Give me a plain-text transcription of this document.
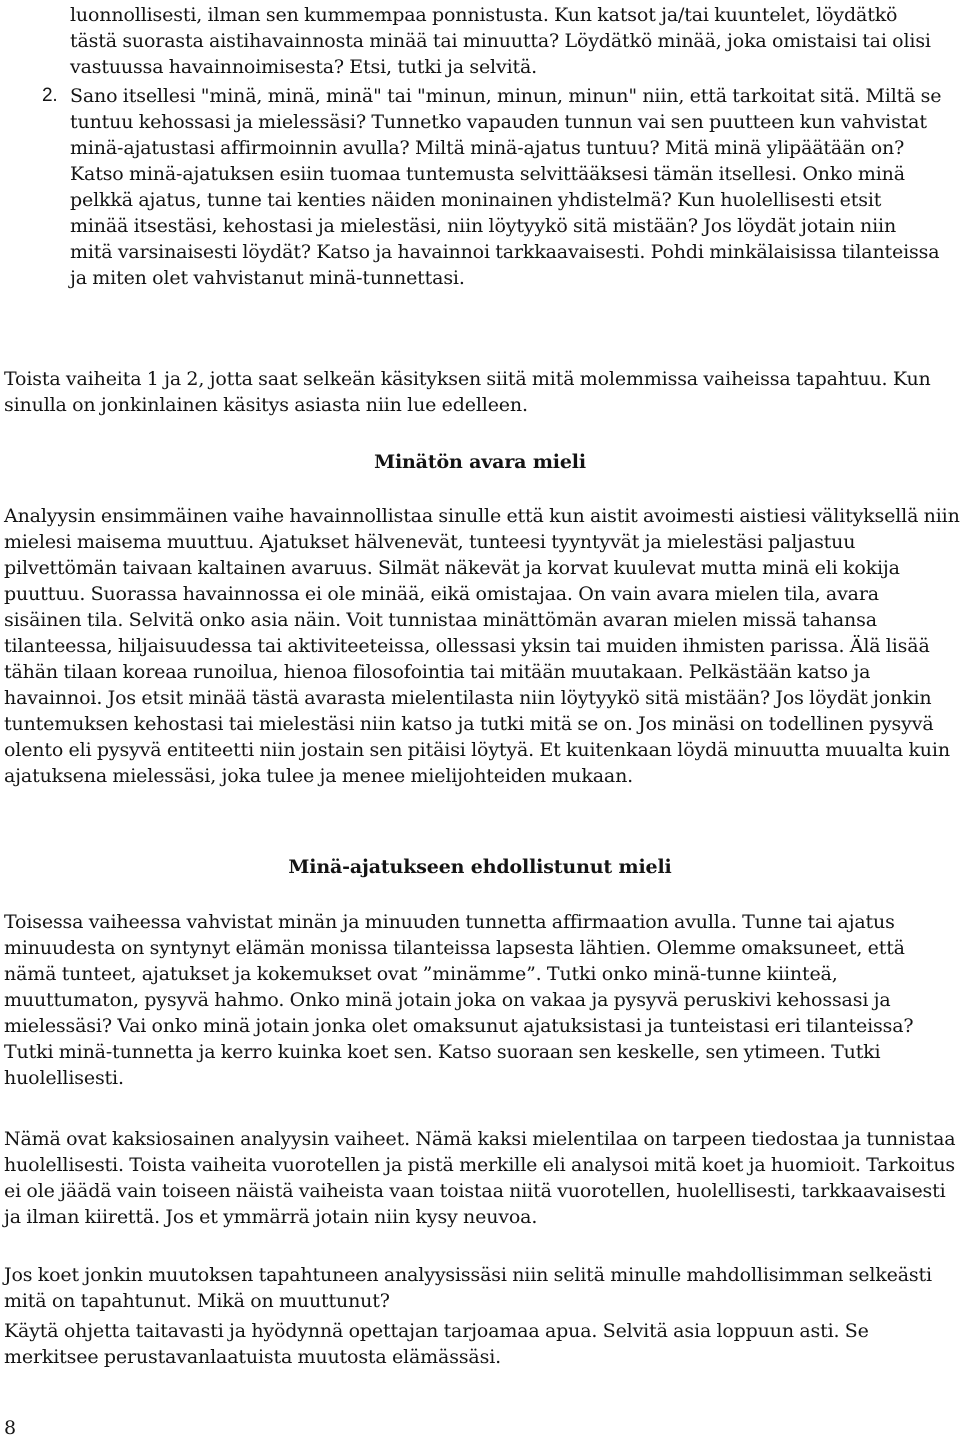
luonnollisesti, ilman sen kummempaa ponnistusta. Kun katsot ja/tai kuuntelet, löydätkö tästä suorasta aistihavainnosta minää tai minuutta? Löydätkö minää, joka omistaisi tai olisi vastuussa havainnoimisesta? Etsi, tutki ja selvitä.

2. Sano itsellesi "minä, minä, minä" tai "minun, minun, minun" niin, että tarkoitat sitä. Miltä se tuntuu kehossasi ja mielessäsi? Tunnetko vapauden tunnun vai sen puutteen kun vahvistat minä-ajatustasi affirmoinnin avulla? Miltä minä-ajatus tuntuu? Mitä minä ylipäätään on? Katso minä-ajatuksen esiin tuomaa tuntemusta selvittääksesi tämän itsellesi. Onko minä pelkkä ajatus, tunne tai kenties näiden moninainen yhdistelmä? Kun huolellisesti etsit minää itsestäsi, kehostasi ja mielestäsi, niin löytyykö sitä mistään? Jos löydät jotain niin mitä varsinaisesti löydät? Katso ja havainnoi tarkkaavaisesti. Pohdi minkälaisissa tilanteissa ja miten olet vahvistanut minä-tunnettasi.

Toista vaiheita 1 ja 2, jotta saat selkeän käsityksen siitä mitä molemmissa vaiheissa tapahtuu. Kun sinulla on jonkinlainen käsitys asiasta niin lue edelleen.

Minätön avara mieli

Analyysin ensimmäinen vaihe havainnollistaa sinulle että kun aistit avoimesti aistiesi välityksellä niin mielesi maisema muuttuu. Ajatukset hälvenevät, tunteesi tyyntyvät ja mielestäsi paljastuu pilvettömän taivaan kaltainen avaruus. Silmät näkevät ja korvat kuulevat mutta minä eli kokija puuttuu. Suorassa havainnossa ei ole minää, eikä omistajaa. On vain avara mielen tila, avara sisäinen tila. Selvitä onko asia näin. Voit tunnistaa minättömän avaran mielen missä tahansa tilanteessa, hiljaisuudessa tai aktiviteeteissa, ollessasi yksin tai muiden ihmisten parissa. Älä lisää tähän tilaan koreaa runoilua, hienoa filosofointia tai mitään muutakaan. Pelkästään katso ja havainnoi. Jos etsit minää tästä avarasta mielentilasta niin löytyykö sitä mistään? Jos löydät jonkin tuntemuksen kehostasi tai mielestäsi niin katso ja tutki mitä se on. Jos minäsi on todellinen pysyvä olento eli pysyvä entiteetti niin jostain sen pitäisi löytyä. Et kuitenkaan löydä minuutta muualta kuin ajatuksena mielessäsi, joka tulee ja menee mielijohteiden mukaan.

Minä-ajatukseen ehdollistunut mieli

Toisessa vaiheessa vahvistat minän ja minuuden tunnetta affirmaation avulla. Tunne tai ajatus minuudesta on syntynyt elämän monissa tilanteissa lapsesta lähtien. Olemme omaksuneet, että nämä tunteet, ajatukset ja kokemukset ovat ”minämme”. Tutki onko minä-tunne kiinteä, muuttumaton, pysyvä hahmo. Onko minä jotain joka on vakaa ja pysyvä peruskivi kehossasi ja mielessäsi? Vai onko minä jotain jonka olet omaksunut ajatuksistasi ja tunteistasi eri tilanteissa? Tutki minä-tunnetta ja kerro kuinka koet sen. Katso suoraan sen keskelle, sen ytimeen. Tutki huolellisesti.

Nämä ovat kaksiosainen analyysin vaiheet. Nämä kaksi mielentilaa on tarpeen tiedostaa ja tunnistaa huolellisesti. Toista vaiheita vuorotellen ja pistä merkille eli analysoi mitä koet ja huomioit. Tarkoitus ei ole jäädä vain toiseen näistä vaiheista vaan toistaa niitä vuorotellen, huolellisesti, tarkkaavaisesti ja ilman kiirettä. Jos et ymmärrä jotain niin kysy neuvoa.

Jos koet jonkin muutoksen tapahtuneen analyysissäsi niin selitä minulle mahdollisimman selkeästi mitä on tapahtunut. Mikä on muuttunut?

Käytä ohjetta taitavasti ja hyödynnä opettajan tarjoamaa apua. Selvitä asia loppuun asti. Se merkitsee perustavanlaatuista muutosta elämässäsi.

8
